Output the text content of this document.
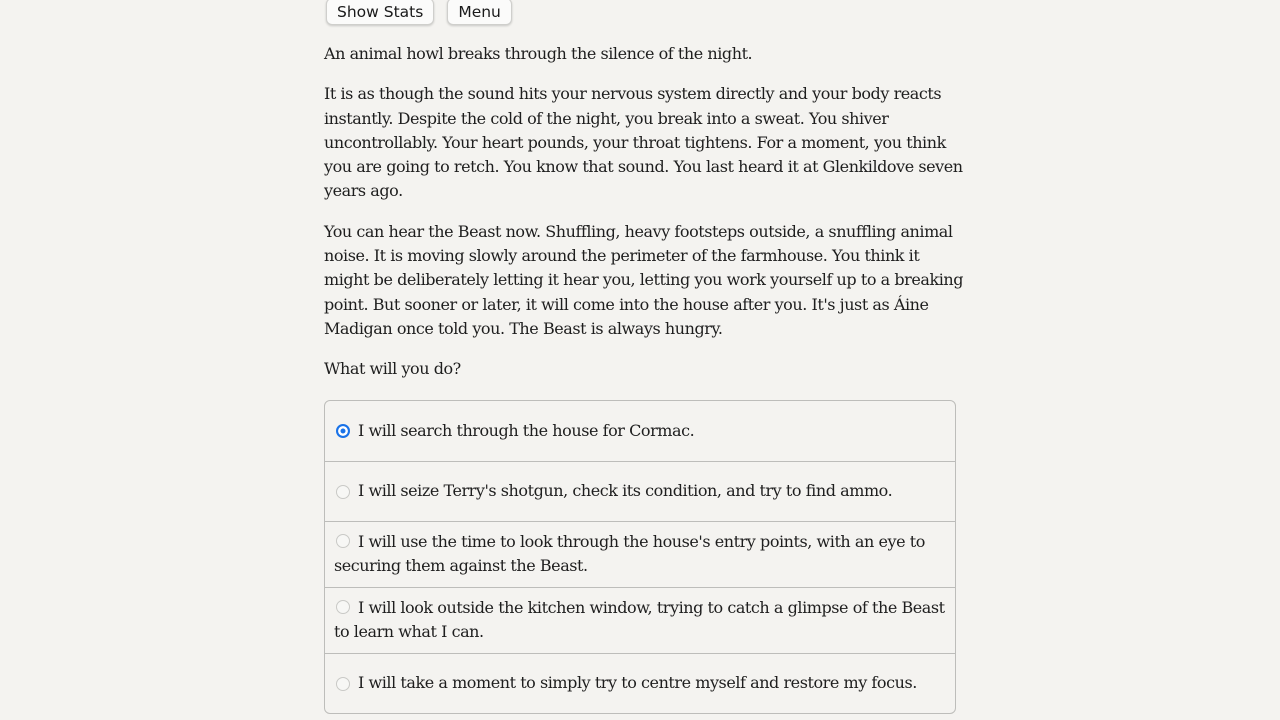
Show Stats	Menu

An animal howl breaks through the silence of the night.

It is as though the sound hits your nervous system directly and your body reacts instantly. Despite the cold of the night, you break into a sweat. You shiver uncontrollably. Your heart pounds, your throat tightens. For a moment, you think you are going to retch. You know that sound. You last heard it at Glenkildove seven years ago.

You can hear the Beast now. Shuffling, heavy footsteps outside, a snuffling animal noise. It is moving slowly around the perimeter of the farmhouse. You think it might be deliberately letting it hear you, letting you work yourself up to a breaking point. But sooner or later, it will come into the house after you. It's just as Áine Madigan once told you. The Beast is always hungry.

What will you do?

I will search through the house for Cormac.
I will seize Terry's shotgun, check its condition, and try to find ammo.
I will use the time to look through the house's entry points, with an eye to securing them against the Beast.
I will look outside the kitchen window, trying to catch a glimpse of the Beast to learn what I can.
I will take a moment to simply try to centre myself and restore my focus.
